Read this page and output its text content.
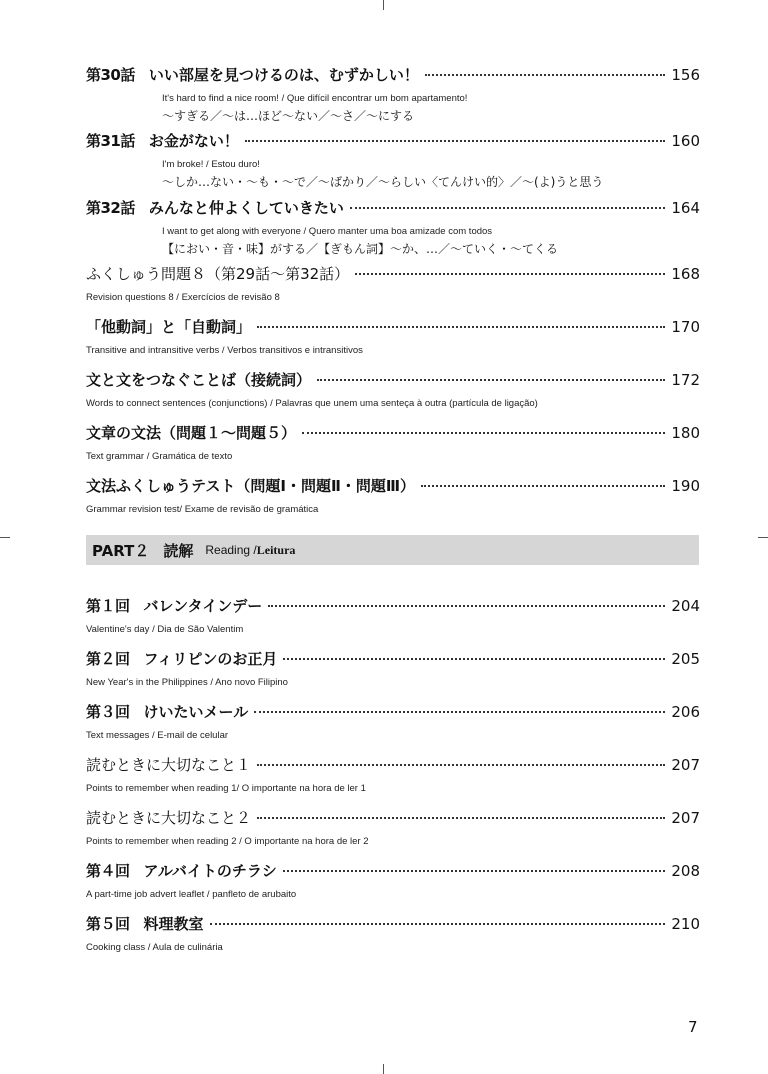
第30話 いい部屋を見つけるのは、むずかしい！	156
It's hard to find a nice room! / Que difícil encontrar um bom apartamento!
〜すぎる／〜は…ほど〜ない／〜さ／〜にする
第31話 お金がない！	160
I'm broke! / Estou duro!
〜しか…ない・〜も・〜で／〜ばかり／〜らしい〈てんけい的〉／〜(よ)うと思う
第32話 みんなと仲よくしていきたい	164
I want to get along with everyone / Quero manter uma boa amizade com todos
【におい・音・味】がする／【ぎもん詞】〜か、…／〜ていく・〜てくる
ふくしゅう問題８（第29話〜第32話）	168
Revision questions 8 / Exercícios de revisão 8
「他動詞」と「自動詞」	170
Transitive and intransitive verbs / Verbos transitivos e intransitivos
文と文をつなぐことば（接続詞）	172
Words to connect sentences (conjunctions) / Palavras que unem uma senteça à outra (partícula de ligação)
文章の文法（問題１〜問題５）	180
Text grammar / Gramática de texto
文法ふくしゅうテスト（問題Ⅰ・問題Ⅱ・問題Ⅲ）	190
Grammar revision test/ Exame de revisão de gramática
PART２ 読解 Reading / Leitura
第１回 バレンタインデー	204
Valentine's day / Dia de São Valentim
第２回 フィリピンのお正月	205
New Year's in the Philippines / Ano novo Filipino
第３回 けいたいメール	206
Text messages / E-mail de celular
読むときに大切なこと１	207
Points to remember when reading 1/ O importante na hora de ler 1
読むときに大切なこと２	207
Points to remember when reading 2 / O importante na hora de ler 2
第４回 アルバイトのチラシ	208
A part-time job advert leaflet / panfleto de arubaito
第５回 料理教室	210
Cooking class / Aula de culinária
7
